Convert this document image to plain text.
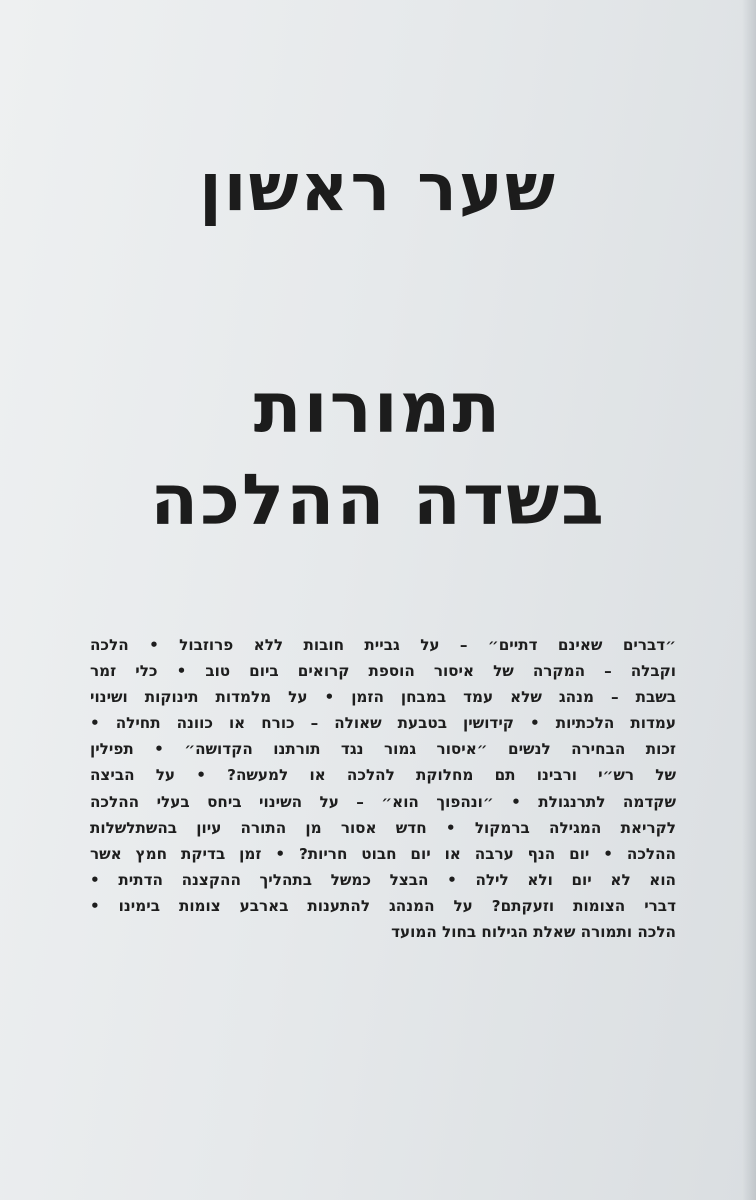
שער ראשון
תמורות
בשדה ההלכה
״דברים שאינם דתיים״ – על גביית חובות ללא פרוזבול • הלכה
וקבלה – המקרה של איסור הוספת קרואים ביום טוב • כלי זמר
בשבת – מנהג שלא עמד במבחן הזמן • על מלמדות תינוקות ושינוי
עמדות הלכתיות • קידושין בטבעת שאולה – כורח או כוונה תחילה •
זכות הבחירה לנשים ״איסור גמור נגד תורתנו הקדושה״ • תפילין
של רש״י ורבינו תם מחלוקת להלכה או למעשה? • על הביצה
שקדמה לתרנגולת • ״ונהפוך הוא״ – על השינוי ביחס בעלי ההלכה
לקריאת המגילה ברמקול • חדש אסור מן התורה עיון בהשתלשלות
ההלכה • יום הנף ערבה או יום חבוט חריות? • זמן בדיקת חמץ אשר
הוא לא יום ולא לילה • הבצל כמשל בתהליך ההקצנה הדתית •
דברי הצומות וזעקתם? על המנהג להתענות בארבע צומות בימינו •
הלכה ותמורה שאלת הגילוח בחול המועד
